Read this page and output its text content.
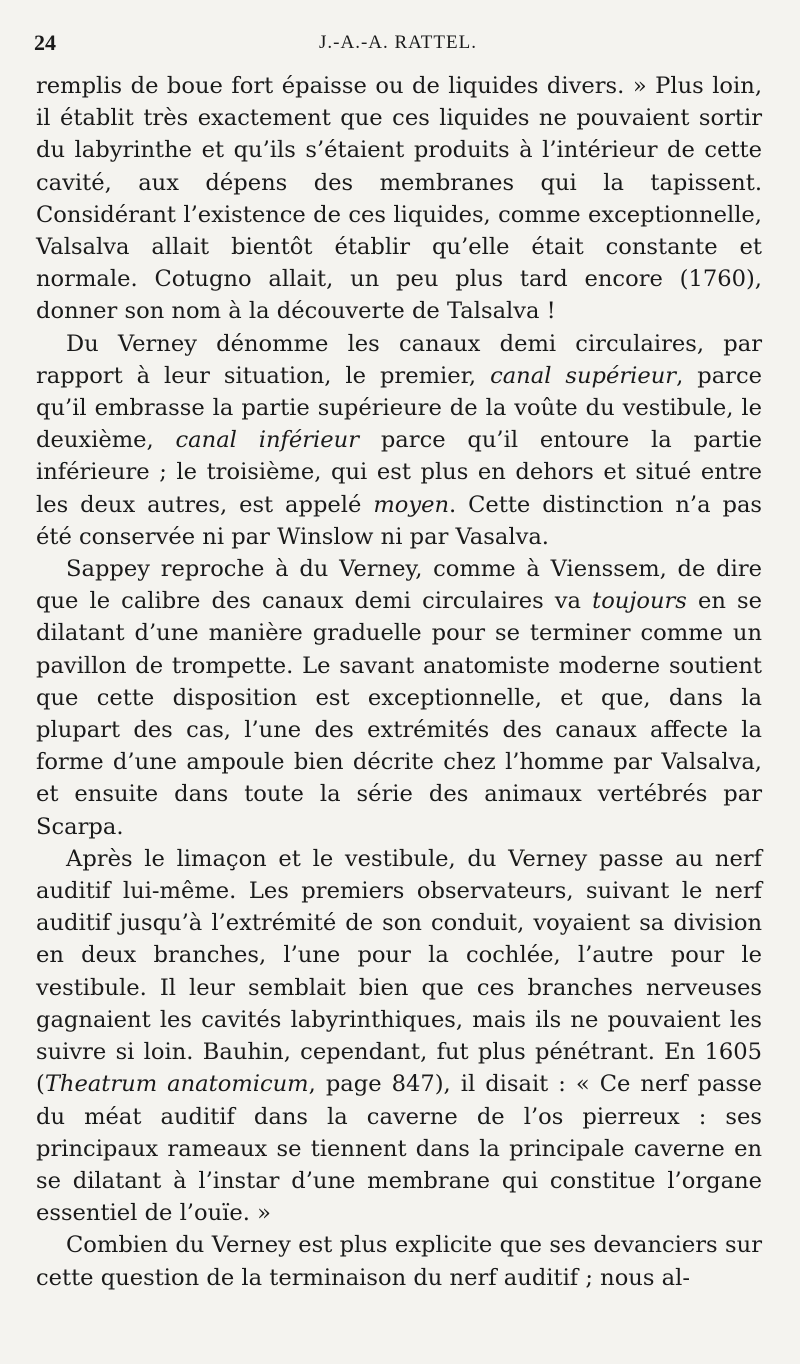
24	J.-A.-A. RATTEL.

remplis de boue fort épaisse ou de liquides divers. » Plus loin, il établit très exactement que ces liquides ne pouvaient sortir du labyrinthe et qu’ils s’étaient produits à l’intérieur de cette cavité, aux dépens des membranes qui la tapissent. Considérant l’existence de ces liquides, comme exceptionnelle, Valsalva allait bientôt établir qu’elle était constante et normale. Cotugno allait, un peu plus tard encore (1760), donner son nom à la découverte de Talsalva !

Du Verney dénomme les canaux demi circulaires, par rapport à leur situation, le premier, canal supérieur, parce qu’il embrasse la partie supérieure de la voûte du vestibule, le deuxième, canal inférieur parce qu’il entoure la partie inférieure ; le troisième, qui est plus en dehors et situé entre les deux autres, est appelé moyen. Cette distinction n’a pas été conservée ni par Winslow ni par Vasalva.

Sappey reproche à du Verney, comme à Vienssem, de dire que le calibre des canaux demi circulaires va toujours en se dilatant d’une manière graduelle pour se terminer comme un pavillon de trompette. Le savant anatomiste moderne soutient que cette disposition est exceptionnelle, et que, dans la plupart des cas, l’une des extrémités des canaux affecte la forme d’une ampoule bien décrite chez l’homme par Valsalva, et ensuite dans toute la série des animaux vertébrés par Scarpa.

Après le limaçon et le vestibule, du Verney passe au nerf auditif lui-même. Les premiers observateurs, suivant le nerf auditif jusqu’à l’extrémité de son conduit, voyaient sa division en deux branches, l’une pour la cochlée, l’autre pour le vestibule. Il leur semblait bien que ces branches nerveuses gagnaient les cavités labyrinthiques, mais ils ne pouvaient les suivre si loin. Bauhin, cependant, fut plus pénétrant. En 1605 (Theatrum anatomicum, page 847), il disait : « Ce nerf passe du méat auditif dans la caverne de l’os pierreux : ses principaux rameaux se tiennent dans la principale caverne en se dilatant à l’instar d’une membrane qui constitue l’organe essentiel de l’ouïe. »

Combien du Verney est plus explicite que ses devanciers sur cette question de la terminaison du nerf auditif ; nous al-
